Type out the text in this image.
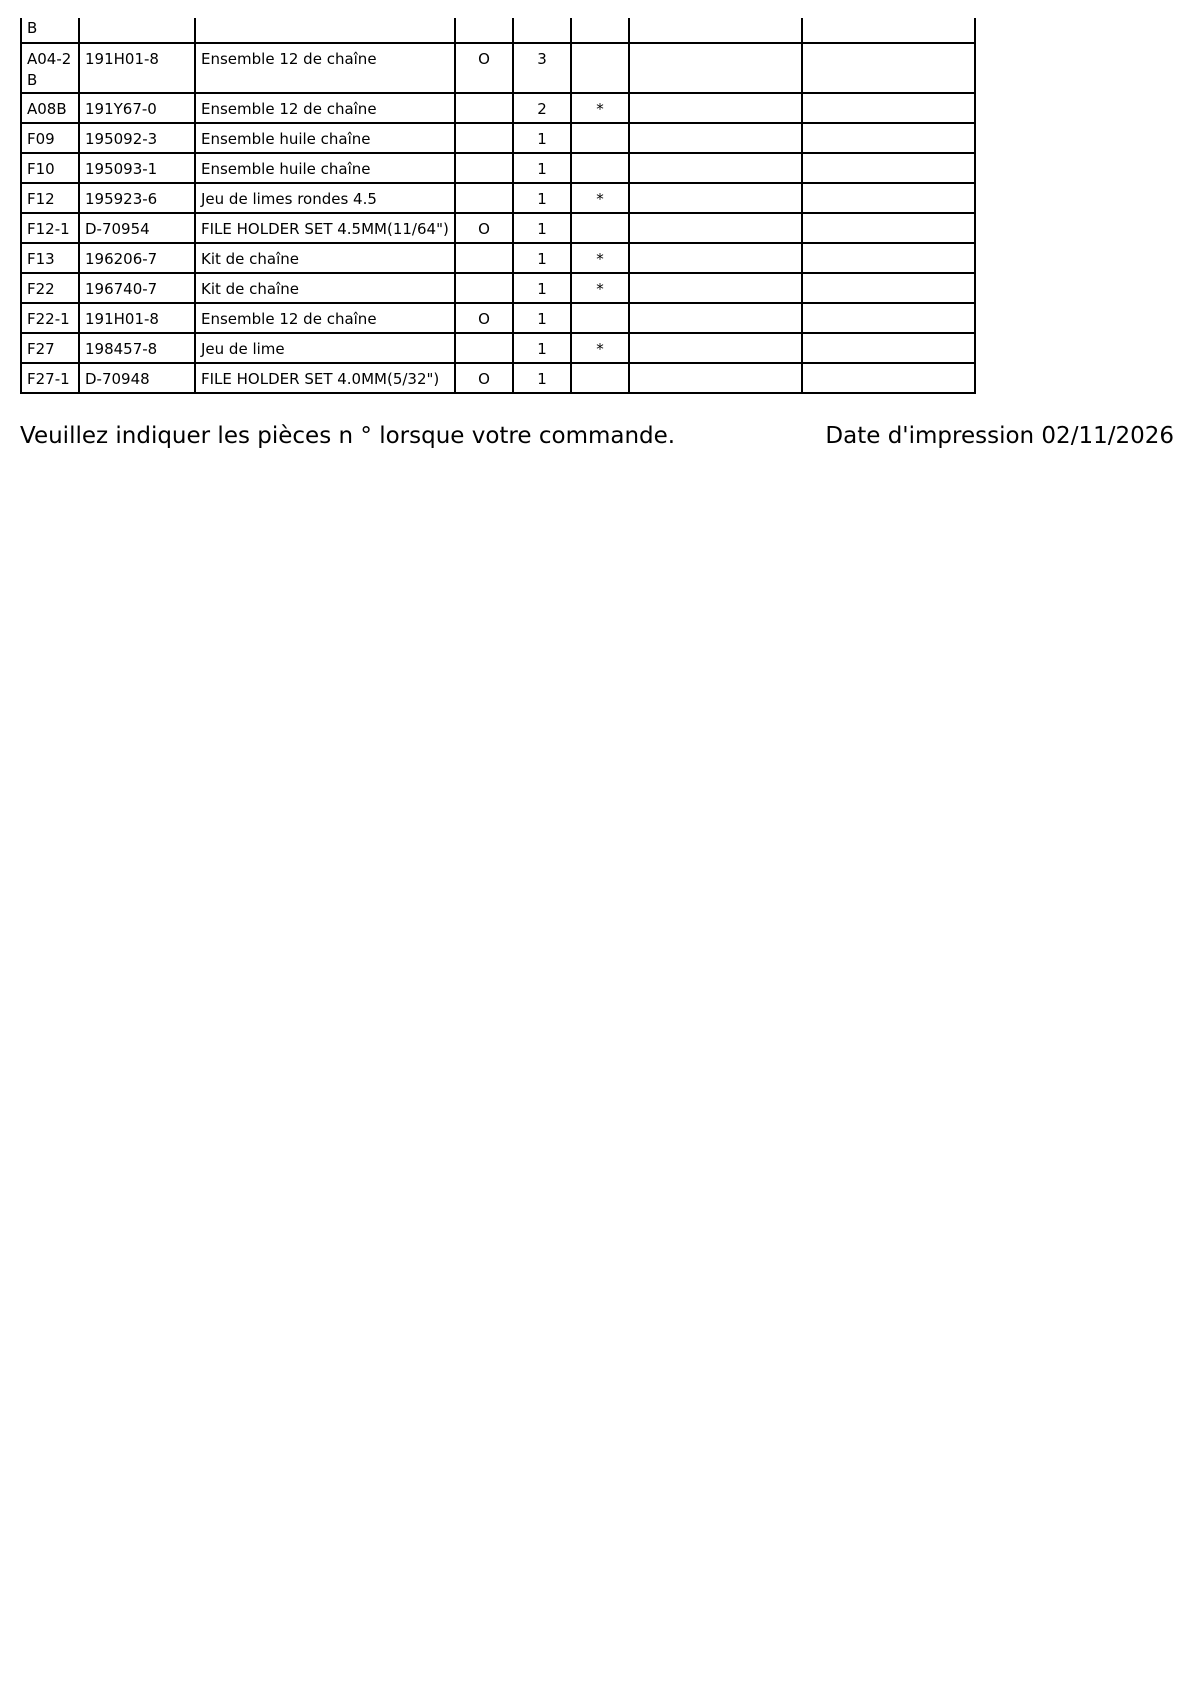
B							
A04-2 B	191H01-8	Ensemble 12 de chaîne	O	3			
A08B	191Y67-0	Ensemble 12 de chaîne		2	*		
F09	195092-3	Ensemble huile chaîne		1			
F10	195093-1	Ensemble huile chaîne		1			
F12	195923-6	Jeu de limes rondes 4.5		1	*		
F12-1	D-70954	FILE HOLDER SET 4.5MM(11/64")	O	1			
F13	196206-7	Kit de chaîne		1	*		
F22	196740-7	Kit de chaîne		1	*		
F22-1	191H01-8	Ensemble 12 de chaîne	O	1			
F27	198457-8	Jeu de lime		1	*		
F27-1	D-70948	FILE HOLDER SET 4.0MM(5/32")	O	1			
Veuillez indiquer les pièces n ° lorsque votre commande.	Date d'impression 02/11/2026
